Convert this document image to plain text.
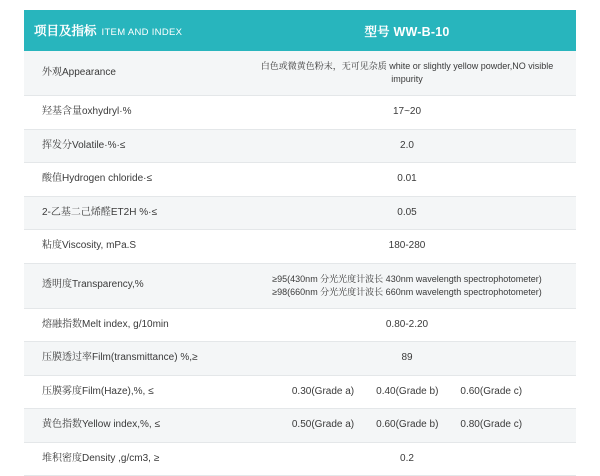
项目及指标 ITEM AND INDEX	型号 WW-B-10
外观Appearance	白色或微黄色粉末，无可见杂质 white or slightly yellow powder,NO visible impurity
羟基含量oxhydryl·%	17~20
挥发分Volatile·%·≤	2.0
酸值Hydrogen chloride·≤	0.01
2-乙基二己烯醛ET2H %·≤	0.05
粘度Viscosity, mPa.S	180-280
透明度Transparency,%	≥95(430nm 分光光度计波长 430nm wavelength spectrophotometer)
≥98(660nm 分光光度计波长 660nm wavelength spectrophotometer)

熔融指数Melt index, g/10min	0.80-2.20
压膜透过率Film(transmittance) %,≥	89
压膜雾度Film(Haze),%, ≤	0.30(Grade a) 0.40(Grade b) 0.60(Grade c)

黄色指数Yellow index,%, ≤	0.50(Grade a) 0.60(Grade b) 0.80(Grade c)

堆积密度Density ,g/cm3, ≥	0.2
